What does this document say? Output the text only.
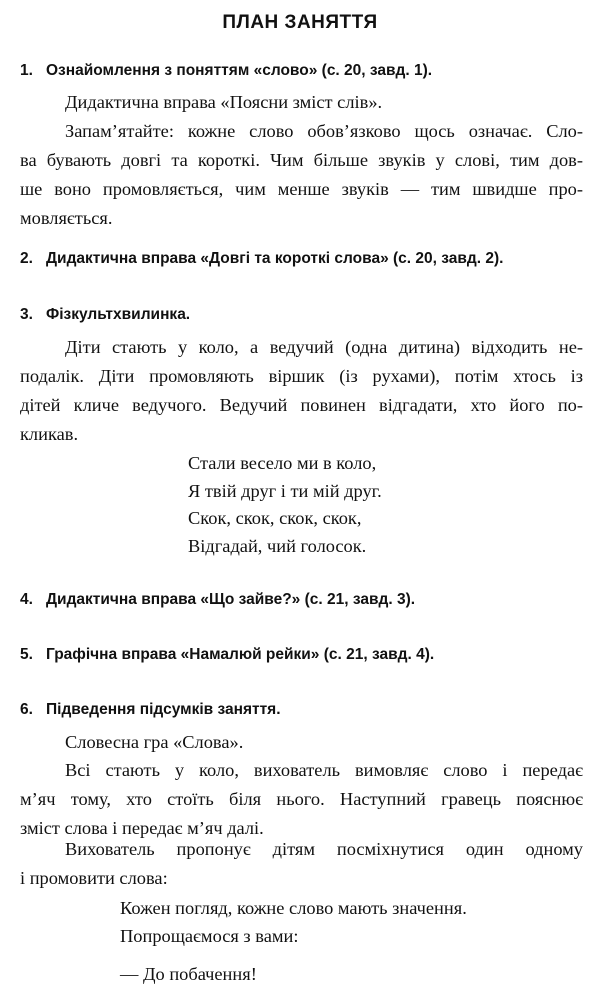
ПЛАН ЗАНЯТТЯ
1. Ознайомлення з поняттям «слово» (с. 20, завд. 1).
Дидактична вправа «Поясни зміст слів».
Запам’ятайте: кожне слово обов’язково щось означає. Сло-
ва бувають довгі та короткі. Чим більше звуків у слові, тим дов-
ше воно промовляється, чим менше звуків — тим швидше про-
мовляється.
2. Дидактична вправа «Довгі та короткі слова» (с. 20, завд. 2).
3. Фізкультхвилинка.
Діти стають у коло, а ведучий (одна дитина) відходить не-
подалік. Діти промовляють віршик (із рухами), потім хтось із
дітей кличе ведучого. Ведучий повинен відгадати, хто його по-
кликав.
Стали весело ми в коло,
Я твій друг і ти мій друг.
Скок, скок, скок, скок,
Відгадай, чий голосок.
4. Дидактична вправа «Що зайве?» (с. 21, завд. 3).
5. Графічна вправа «Намалюй рейки» (с. 21, завд. 4).
6. Підведення підсумків заняття.
Словесна гра «Слова».
Всі стають у коло, вихователь вимовляє слово і передає
м’яч тому, хто стоїть біля нього. Наступний гравець пояснює
зміст слова і передає м’яч далі.
Вихователь пропонує дітям посміхнутися один одному
і промовити слова:
Кожен погляд, кожне слово мають значення.
Попрощаємося з вами:
— До побачення!
